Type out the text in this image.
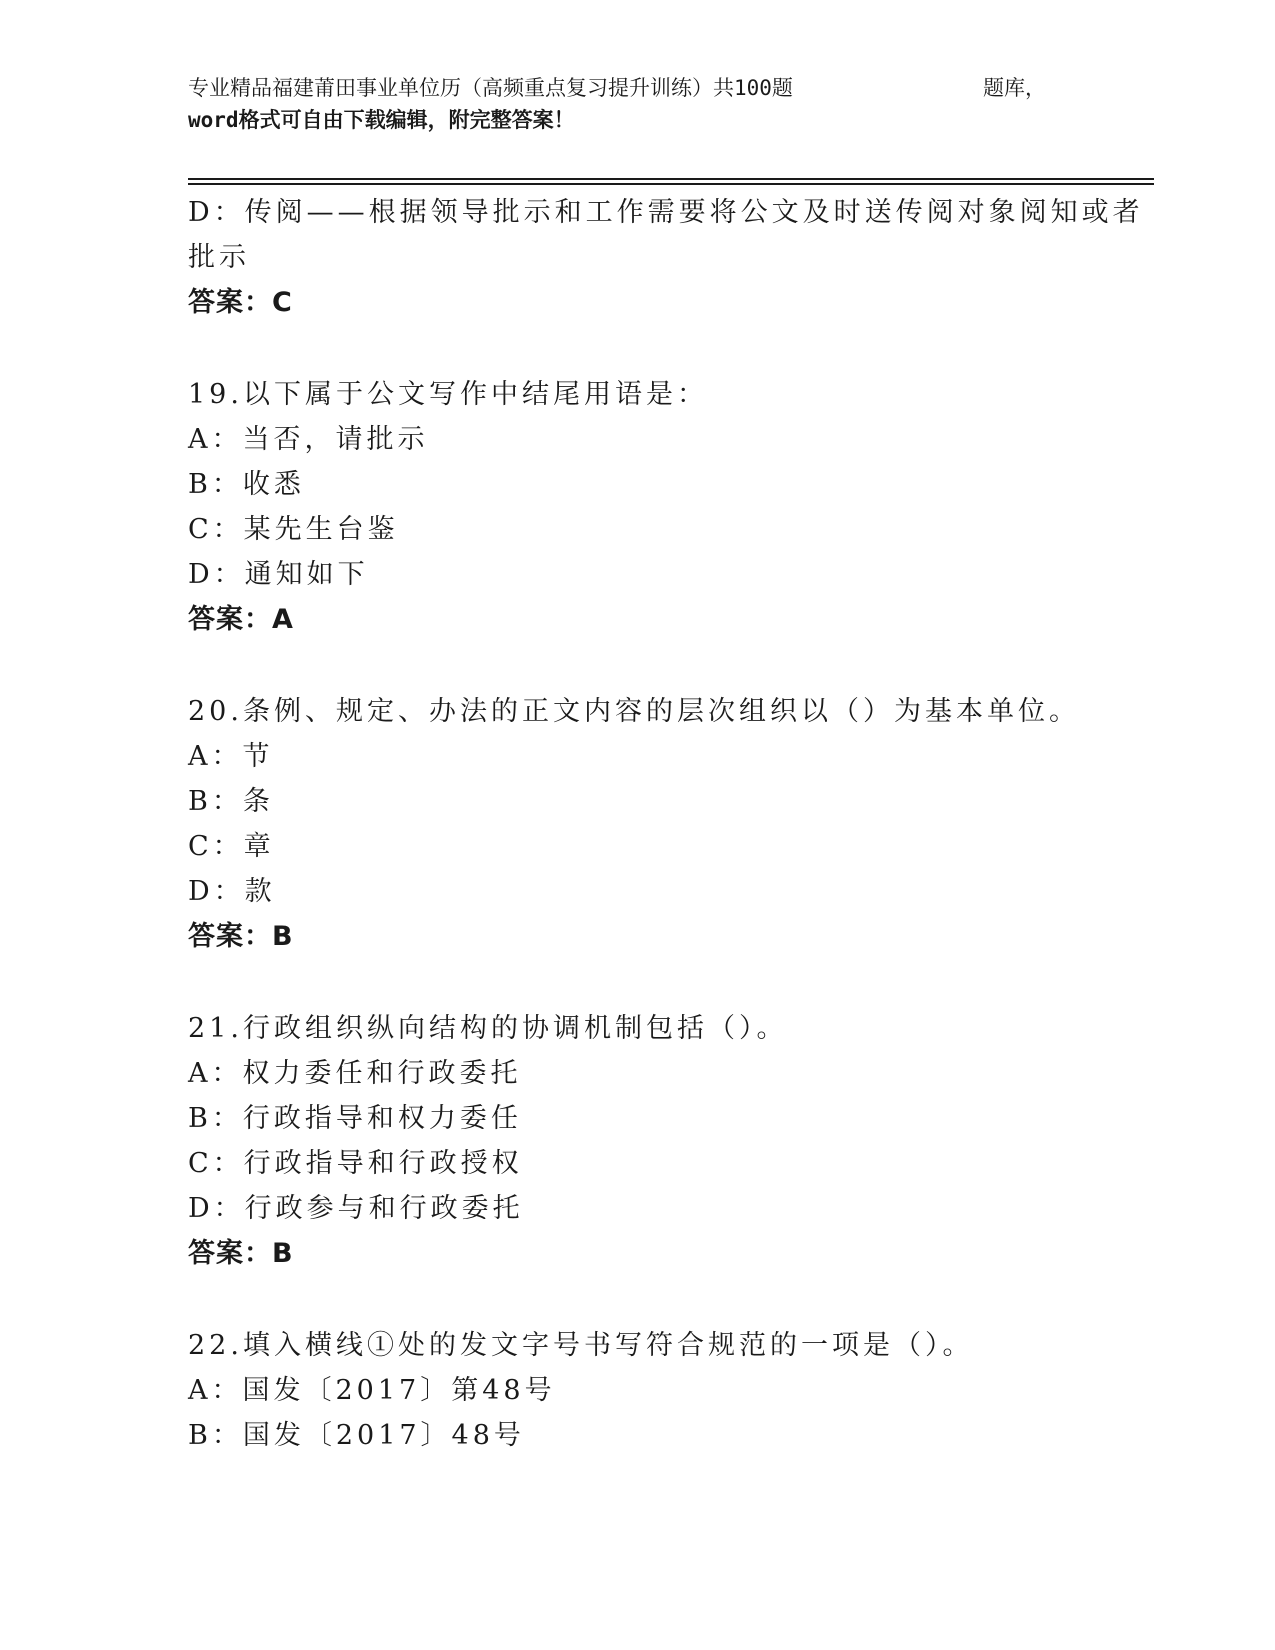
专业精品福建莆田事业单位历（高频重点复习提升训练）共100题	题库，
word格式可自由下载编辑，附完整答案！

D：传阅——根据领导批示和工作需要将公文及时送传阅对象阅知或者

批示

答案：C

19.以下属于公文写作中结尾用语是：

A：当否，请批示

B：收悉

C：某先生台鉴

D：通知如下

答案：A

20.条例、规定、办法的正文内容的层次组织以（）为基本单位。

A：节

B：条

C：章

D：款

答案：B

21.行政组织纵向结构的协调机制包括（）。

A：权力委任和行政委托

B：行政指导和权力委任

C：行政指导和行政授权

D：行政参与和行政委托

答案：B

22.填入横线①处的发文字号书写符合规范的一项是（）。

A：国发〔2017〕第48号

B：国发〔2017〕48号
